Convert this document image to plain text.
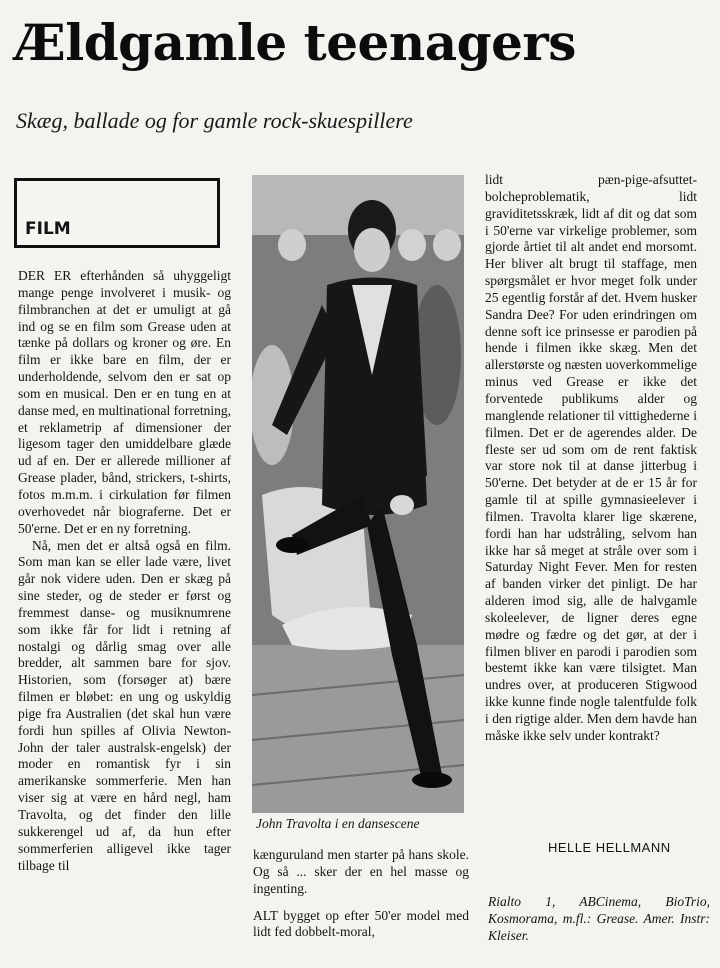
Ældgamle teenagers
Skæg, ballade og for gamle rock-skuespillere
FILM

DER ER efterhånden så uhyggeligt mange penge involveret i musik- og filmbranchen at det er umuligt at gå ind og se en film som Grease uden at tænke på dollars og kroner og øre. En film er ikke bare en film, der er underholdende, selvom den er sat op som en musical. Den er en tung en at danse med, en multinational forretning, et reklametrip af dimensioner der ligesom tager den umiddelbare glæde ud af en. Der er allerede millioner af Grease plader, bånd, strickers, t-shirts, fotos m.m.m. i cirkulation før filmen overhovedet når biograferne. Det er 50'erne. Det er en ny forretning.

Nå, men det er altså også en film. Som man kan se eller lade være, livet går nok videre uden. Den er skæg på sine steder, og de steder er først og fremmest danse- og musiknumrene som ikke får for lidt i retning af nostalgi og dårlig smag over alle bredder, alt sammen bare for sjov. Historien, som (forsøger at) bære filmen er bløbet: en ung og uskyldig pige fra Australien (det skal hun være fordi hun spilles af Olivia Newton-John der taler australsk-engelsk) der moder en romantisk fyr i sin amerikanske sommerferie. Men han viser sig at være en hård negl, ham Travolta, og det finder den lille sukkerengel ud af, da hun efter sommerferien alligevel ikke tager tilbage til

John Travolta i en dansescene

kænguruland men starter på hans skole. Og så ... sker der en hel masse og ingenting.

ALT bygget op efter 50'er model med lidt fed dobbelt-moral,

lidt pæn-pige-afsuttet-bolcheproblematik, lidt graviditetsskræk, lidt af dit og dat som i 50'erne var virkelige problemer, som gjorde årtiet til alt andet end morsomt. Her bliver alt brugt til staffage, men spørgsmålet er hvor meget folk under 25 egentlig forstår af det. Hvem husker Sandra Dee? For uden erindringen om denne soft ice prinsesse er parodien på hende i filmen ikke skæg. Men det allerstørste og næsten uoverkommelige minus ved Grease er ikke det forventede publikums alder og manglende relationer til vittighederne i filmen. Det er de agerendes alder. De fleste ser ud som om de rent faktisk var store nok til at danse jitterbug i 50'erne. Det betyder at de er 15 år for gamle til at spille gymnasieelever i filmen. Travolta klarer lige skærene, fordi han har udstråling, selvom han ikke har så meget at stråle over som i Saturday Night Fever. Men for resten af banden virker det pinligt. De har alderen imod sig, alle de halvgamle skoleelever, de ligner deres egne mødre og fædre og det gør, at der i filmen bliver en parodi i parodien som bestemt ikke kan være tilsigtet. Man undres over, at produceren Stigwood ikke kunne finde nogle talentfulde folk i den rigtige alder. Men dem havde han måske ikke selv under kontrakt?

HELLE HELLMANN
Rialto 1, ABCinema, BioTrio, Kosmorama, m.fl.: Grease. Amer. Instr: Kleiser.
